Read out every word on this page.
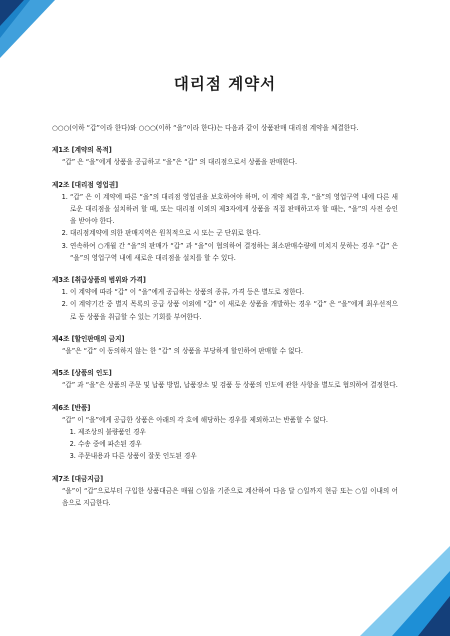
대리점 계약서

○○○(이하 “갑”이라 한다)와 ○○○(이하 “을”이라 한다)는 다음과 같이 상품판매 대리점 계약을 체결한다.

제1조 [계약의 목적]

“갑” 은 “을”에게 상품을 공급하고 “을”은 “갑” 의 대리점으로서 상품을 판매한다.

제2조 [대리점 영업권]
1. “갑” 은 이 계약에 따른 “을”의 대리점 영업권을 보호하여야 하며, 이 계약 체결 후, “을”의 영업구역 내에 다른 새로운 대리점을 설치하려 할 때, 또는 대리점 이외의 제3자에게 상품을 직접 판매하고자 할 때는, “을”의 사전 승인을 받아야 한다.
2. 대리점계약에 의한 판매지역은 원칙적으로 시 또는 군 단위로 한다.
3. 연속하여 ○개월 간 “을”의 판매가 “갑” 과 “을”이 협의하여 결정하는 최소판매수량에 미치지 못하는 경우 “갑” 은 “을”의 영업구역 내에 새로운 대리점을 설치를 할 수 있다.
제3조 [취급상품의 범위와 가격]
1. 이 계약에 따라 “갑” 이 “을”에게 공급하는 상품의 종류, 가격 등은 별도로 정한다.
2. 이 계약기간 중 별지 목록의 공급 상품 이외에 “갑” 이 새로운 상품을 개발하는 경우 “갑” 은 “을”에게 최우선적으로 동 상품을 취급할 수 있는 기회를 부여한다.
제4조 [할인판매의 금지]

“을”은 “갑” 이 동의하지 않는 한 “갑” 의 상품을 부당하게 할인하여 판매할 수 없다.

제5조 [상품의 인도]

“갑” 과 “을”은 상품의 주문 및 납품 방법, 납품장소 및 검품 등 상품의 인도에 관한 사항을 별도로 협의하여 결정한다.

제6조 [반품]

“갑” 이 “을”에게 공급한 상품은 아래의 각 호에 해당하는 경우를 제외하고는 반품할 수 없다.

1. 제조상의 불량품인 경우
2. 수송 중에 파손된 경우
3. 주문내용과 다른 상품이 잘못 인도된 경우
제7조 [대금지급]

“을”이 “갑”으로부터 구입한 상품대금은 매월 ○일을 기준으로 계산하여 다음 달 ○일까지 현금 또는 ○일 이내의 어음으로 지급한다.
